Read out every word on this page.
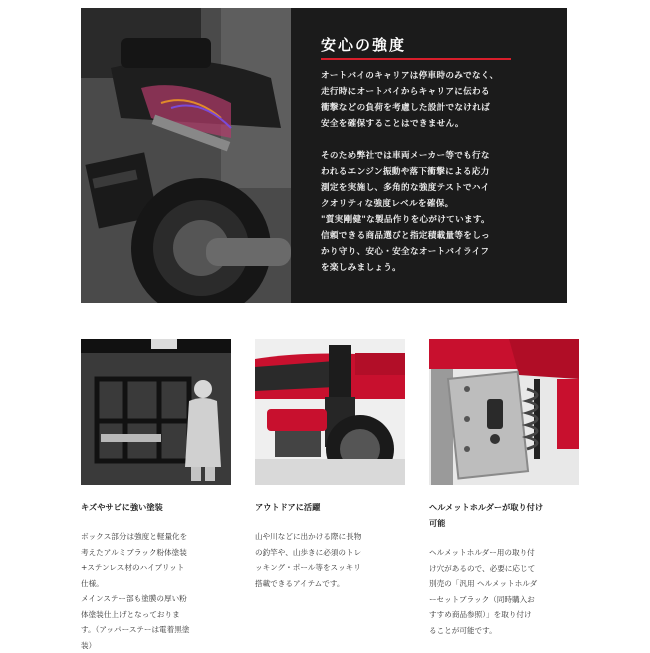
安心の強度

オートバイのキャリアは停車時のみでなく、
走行時にオートバイからキャリアに伝わる
衝撃などの負荷を考慮した設計でなければ
安全を確保することはできません。

そのため弊社では車両メーカー等でも行な
われるエンジン振動や落下衝撃による応力
測定を実施し、多角的な強度テストでハイ
クオリティな強度レベルを確保。
"質実剛健"な製品作りを心がけています。
信頼できる商品選びと指定積載量等をしっ
かり守り、安心・安全なオートバイライフ
を楽しみましょう。

キズやサビに強い塗装
ボックス部分は強度と軽量化を
考えたアルミブラック粉体塗装
+ステンレス材のハイブリット
仕様。
メインステー部も塗膜の厚い粉
体塗装仕上げとなっておりま
す。（アッパーステーは電着黒塗
装）
アウトドアに活躍
山や川などに出かける際に長物
の釣竿や、山歩きに必須のトレ
ッキング・ポール等をスッキリ
搭載できるアイテムです。
ヘルメットホルダーが取り付け
可能
ヘルメットホルダー用の取り付
け穴があるので、必要に応じて
別売の「汎用 ヘルメットホルダ
ーセットブラック（同時購入お
すすめ商品参照）」を取り付け
ることが可能です。
